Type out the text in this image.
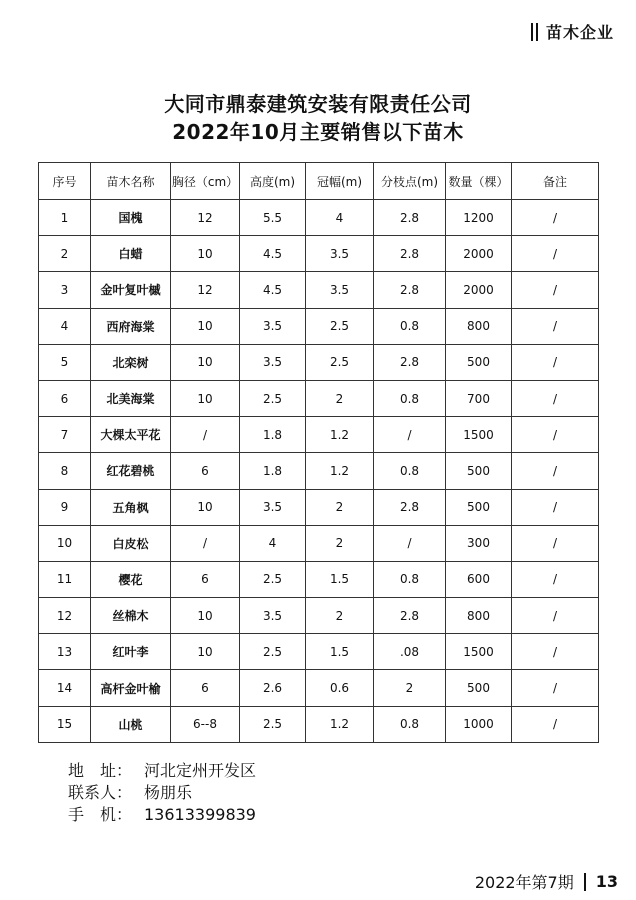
苗木企业
大同市鼎泰建筑安装有限责任公司
2022年10月主要销售以下苗木
序号	苗木名称	胸径（cm）	高度(m)	冠幅(m)	分枝点(m)	数量（棵）	备注
1	国槐	12	5.5	4	2.8	1200	/
2	白蜡	10	4.5	3.5	2.8	2000	/
3	金叶复叶槭	12	4.5	3.5	2.8	2000	/
4	西府海棠	10	3.5	2.5	0.8	800	/
5	北栾树	10	3.5	2.5	2.8	500	/
6	北美海棠	10	2.5	2	0.8	700	/
7	大棵太平花	/	1.8	1.2	/	1500	/
8	红花碧桃	6	1.8	1.2	0.8	500	/
9	五角枫	10	3.5	2	2.8	500	/
10	白皮松	/	4	2	/	300	/
11	樱花	6	2.5	1.5	0.8	600	/
12	丝棉木	10	3.5	2	2.8	800	/
13	红叶李	10	2.5	1.5	.08	1500	/
14	高杆金叶榆	6	2.6	0.6	2	500	/
15	山桃	6--8	2.5	1.2	0.8	1000	/
地　址： 河北定州开发区
联系人： 杨朋乐
手　机： 13613399839
2022年第7期 13
